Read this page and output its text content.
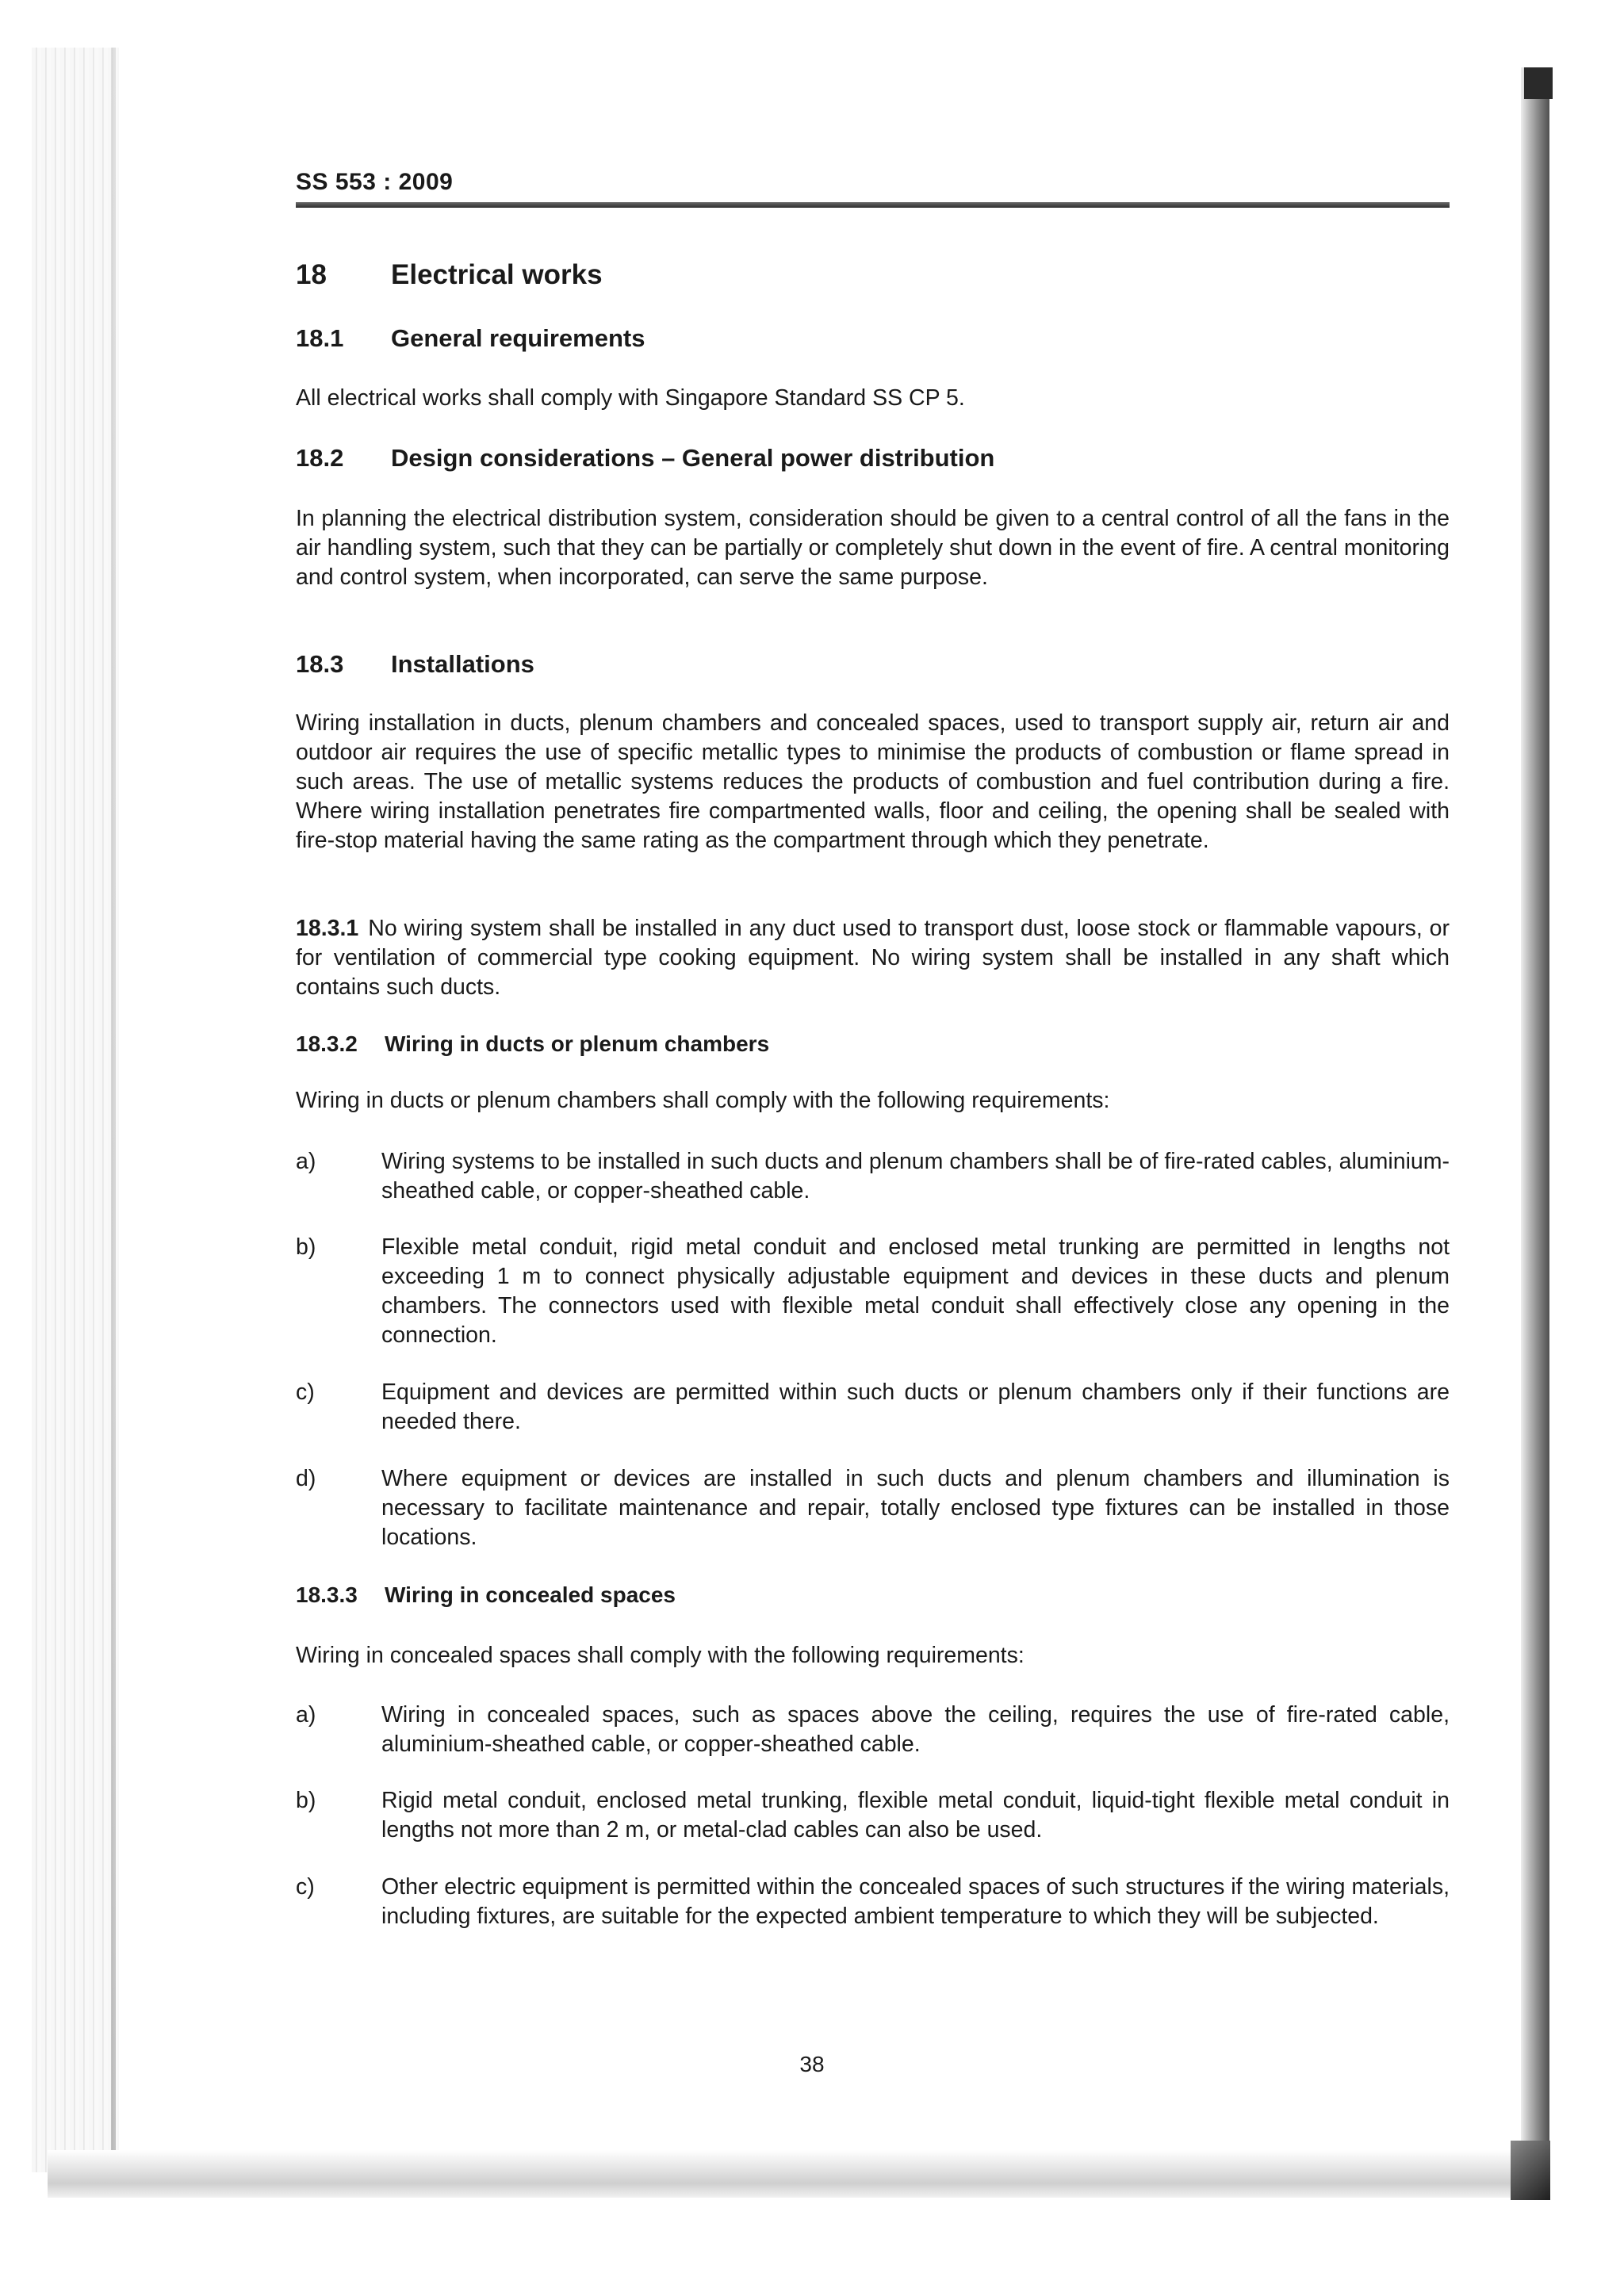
SS 553 : 2009
18 Electrical works
18.1 General requirements
All electrical works shall comply with Singapore Standard SS CP 5.
18.2 Design considerations – General power distribution
In planning the electrical distribution system, consideration should be given to a central control of all the fans in the air handling system, such that they can be partially or completely shut down in the event of fire. A central monitoring and control system, when incorporated, can serve the same purpose.
18.3 Installations
Wiring installation in ducts, plenum chambers and concealed spaces, used to transport supply air, return air and outdoor air requires the use of specific metallic types to minimise the products of combustion or flame spread in such areas. The use of metallic systems reduces the products of combustion and fuel contribution during a fire. Where wiring installation penetrates fire compartmented walls, floor and ceiling, the opening shall be sealed with fire-stop material having the same rating as the compartment through which they penetrate.
18.3.1 No wiring system shall be installed in any duct used to transport dust, loose stock or flammable vapours, or for ventilation of commercial type cooking equipment. No wiring system shall be installed in any shaft which contains such ducts.
18.3.2 Wiring in ducts or plenum chambers
Wiring in ducts or plenum chambers shall comply with the following requirements:
a)	Wiring systems to be installed in such ducts and plenum chambers shall be of fire-rated cables, aluminium-sheathed cable, or copper-sheathed cable.
b)	Flexible metal conduit, rigid metal conduit and enclosed metal trunking are permitted in lengths not exceeding 1 m to connect physically adjustable equipment and devices in these ducts and plenum chambers. The connectors used with flexible metal conduit shall effectively close any opening in the connection.
c)	Equipment and devices are permitted within such ducts or plenum chambers only if their functions are needed there.
d)	Where equipment or devices are installed in such ducts and plenum chambers and illumination is necessary to facilitate maintenance and repair, totally enclosed type fixtures can be installed in those locations.
18.3.3 Wiring in concealed spaces
Wiring in concealed spaces shall comply with the following requirements:
a)	Wiring in concealed spaces, such as spaces above the ceiling, requires the use of fire-rated cable, aluminium-sheathed cable, or copper-sheathed cable.
b)	Rigid metal conduit, enclosed metal trunking, flexible metal conduit, liquid-tight flexible metal conduit in lengths not more than 2 m, or metal-clad cables can also be used.
c)	Other electric equipment is permitted within the concealed spaces of such structures if the wiring materials, including fixtures, are suitable for the expected ambient temperature to which they will be subjected.
38
